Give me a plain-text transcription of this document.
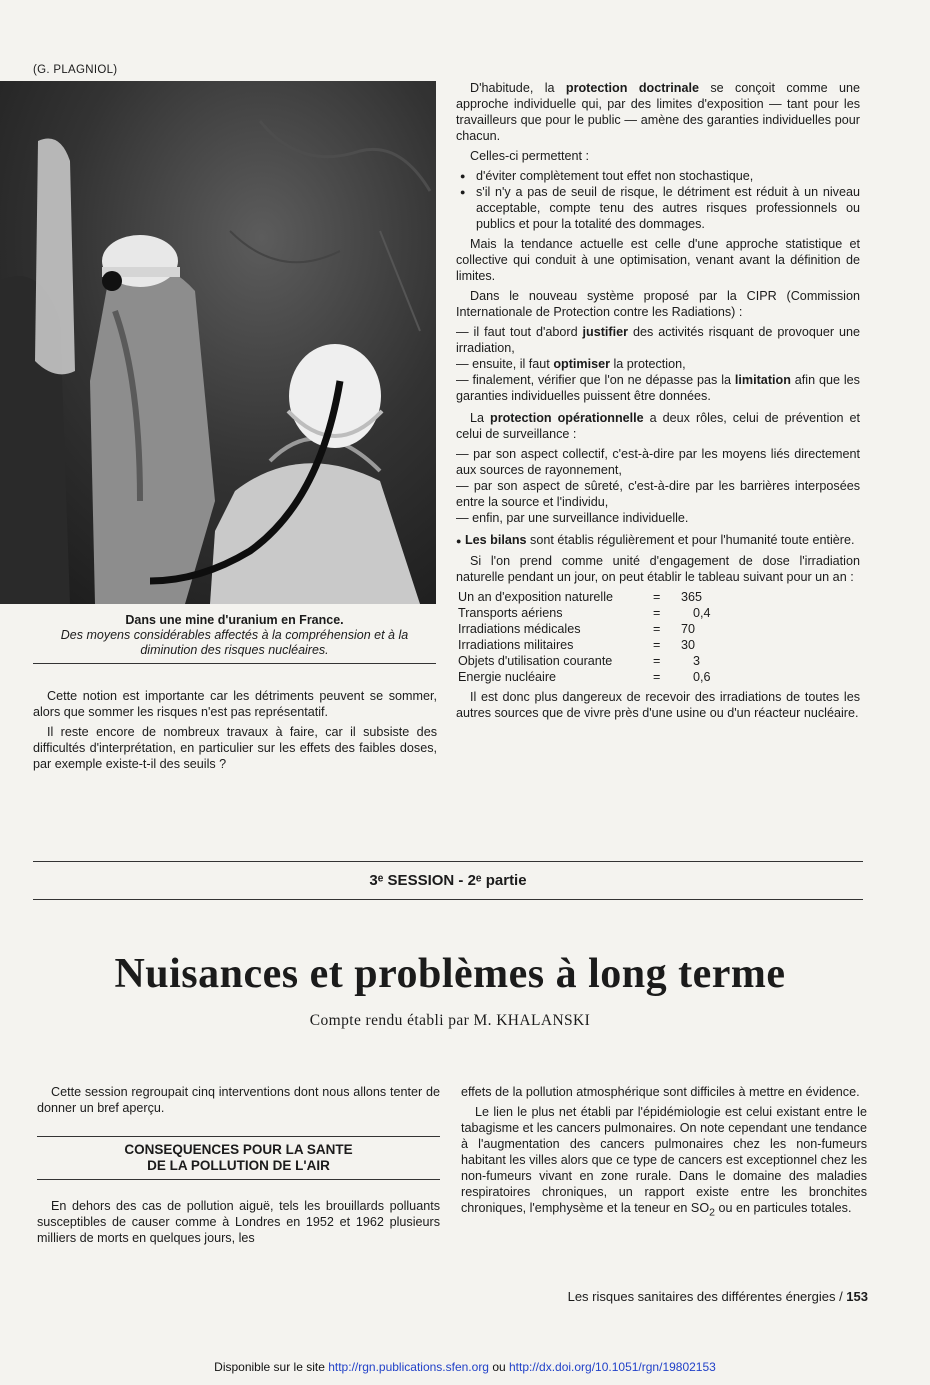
(G. PLAGNIOL)
Dans une mine d'uranium en France.
Des moyens considérables affectés à la compréhension et à la diminution des risques nucléaires.

Cette notion est importante car les détriments peuvent se sommer, alors que sommer les risques n'est pas représentatif.

Il reste encore de nombreux travaux à faire, car il subsiste des difficultés d'interprétation, en particulier sur les effets des faibles doses, par exemple existe-t-il des seuils ?

D'habitude, la protection doctrinale se conçoit comme une approche individuelle qui, par des limites d'exposition — tant pour les travailleurs que pour le public — amène des garanties individuelles pour chacun.

Celles-ci permettent :

● d'éviter complètement tout effet non stochastique,
● s'il n'y a pas de seuil de risque, le détriment est réduit à un niveau acceptable, compte tenu des autres risques professionnels ou publics et pour la totalité des dommages.

Mais la tendance actuelle est celle d'une approche statistique et collective qui conduit à une optimisation, venant avant la définition de limites.

Dans le nouveau système proposé par la CIPR (Commission Internationale de Protection contre les Radiations) :

— il faut tout d'abord justifier des activités risquant de provoquer une irradiation,
— ensuite, il faut optimiser la protection,
— finalement, vérifier que l'on ne dépasse pas la limitation afin que les garanties individuelles puissent être données.

La protection opérationnelle a deux rôles, celui de prévention et celui de surveillance :

— par son aspect collectif, c'est-à-dire par les moyens liés directement aux sources de rayonnement,
— par son aspect de sûreté, c'est-à-dire par les barrières interposées entre la source et l'individu,
— enfin, par une surveillance individuelle.

● Les bilans sont établis régulièrement et pour l'humanité toute entière.

Si l'on prend comme unité d'engagement de dose l'irradiation naturelle pendant un jour, on peut établir le tableau suivant pour un an :

Un an d'exposition naturelle	=	365
Transports aériens	=	0,4
Irradiations médicales	=	70
Irradiations militaires	=	30
Objets d'utilisation courante	=	3
Energie nucléaire	=	0,6

Il est donc plus dangereux de recevoir des irradiations de toutes les autres sources que de vivre près d'une usine ou d'un réacteur nucléaire.

3ᵉ SESSION - 2ᵉ partie
Nuisances et problèmes à long terme
Compte rendu établi par M. KHALANSKI

Cette session regroupait cinq interventions dont nous allons tenter de donner un bref aperçu.

CONSEQUENCES POUR LA SANTE
DE LA POLLUTION DE L'AIR

En dehors des cas de pollution aiguë, tels les brouillards polluants susceptibles de causer comme à Londres en 1952 et 1962 plusieurs milliers de morts en quelques jours, les

effets de la pollution atmosphérique sont difficiles à mettre en évidence.

Le lien le plus net établi par l'épidémiologie est celui existant entre le tabagisme et les cancers pulmonaires. On note cependant une tendance à l'augmentation des cancers pulmonaires chez les non-fumeurs habitant les villes alors que ce type de cancers est exceptionnel chez les non-fumeurs vivant en zone rurale. Dans le domaine des maladies respiratoires chroniques, un rapport existe entre les bronchites chroniques, l'emphysème et la teneur en $SO_2$ ou en particules totales.

Les risques sanitaires des différentes énergies / 153
Disponible sur le site http://rgn.publications.sfen.org ou http://dx.doi.org/10.1051/rgn/19802153
